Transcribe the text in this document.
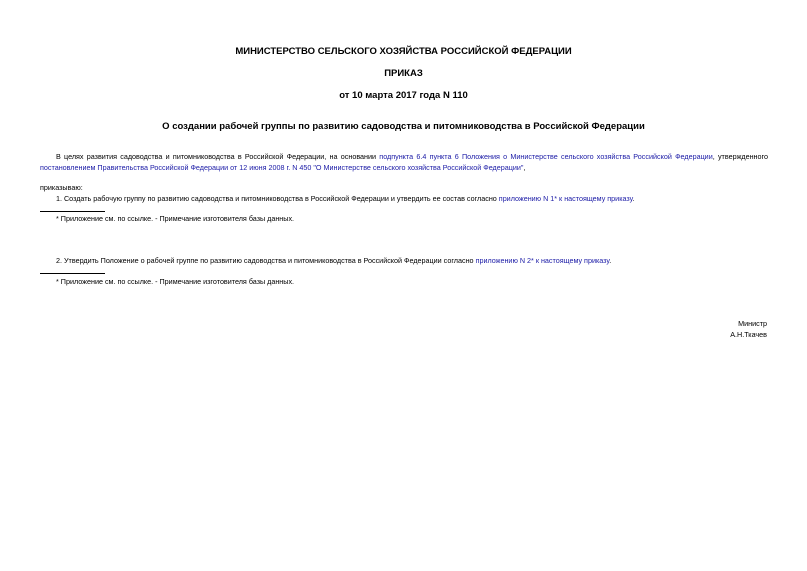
МИНИСТЕРСТВО СЕЛЬСКОГО ХОЗЯЙСТВА РОССИЙСКОЙ ФЕДЕРАЦИИ
ПРИКАЗ
от 10 марта 2017 года N 110
О создании рабочей группы по развитию садоводства и питомниководства в Российской Федерации
В целях развития садоводства и питомниководства в Российской Федерации, на основании подпункта 6.4 пункта 6 Положения о Министерстве сельского хозяйства Российской Федерации, утвержденного постановлением Правительства Российской Федерации от 12 июня 2008 г. N 450 "О Министерстве сельского хозяйства Российской Федерации",
приказываю:
1. Создать рабочую группу по развитию садоводства и питомниководства в Российской Федерации и утвердить ее состав согласно приложению N 1* к настоящему приказу.
* Приложение см. по ссылке. - Примечание изготовителя базы данных.
2. Утвердить Положение о рабочей группе по развитию садоводства и питомниководства в Российской Федерации согласно приложению N 2* к настоящему приказу.
* Приложение см. по ссылке. - Примечание изготовителя базы данных.
Министр
А.Н.Ткачев
